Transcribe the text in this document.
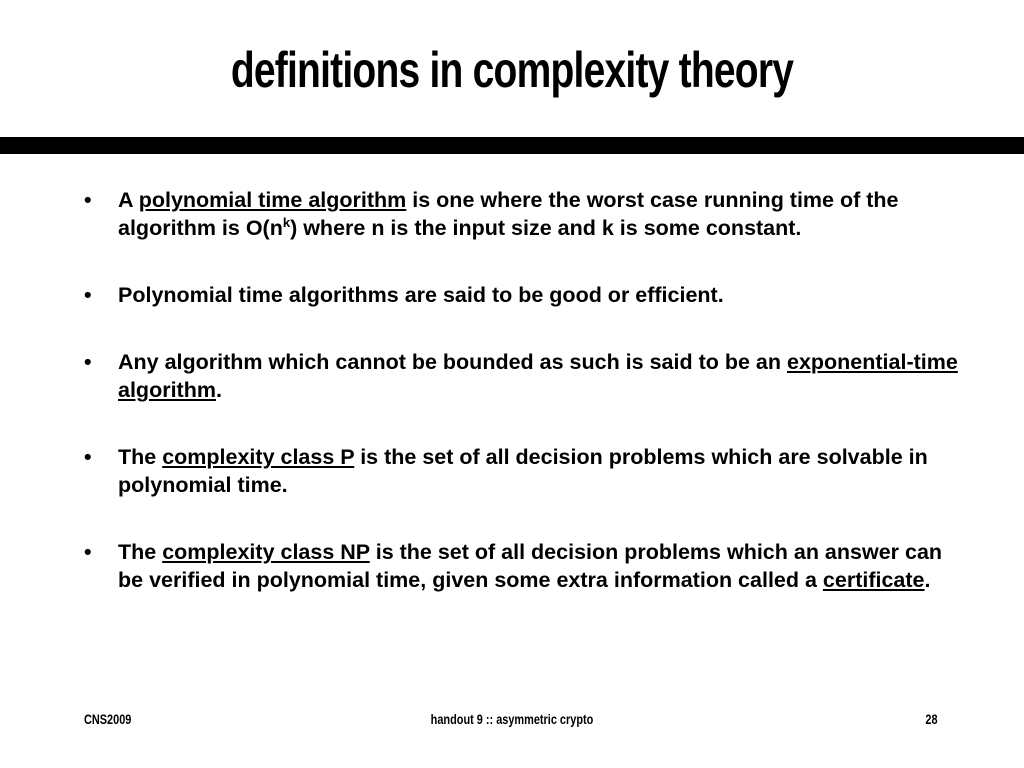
definitions in complexity theory
• A polynomial time algorithm is one where the worst case running time of the algorithm is $O(n^k)$ where n is the input size and k is some constant.
• Polynomial time algorithms are said to be good or efficient.
• Any algorithm which cannot be bounded as such is said to be an exponential-time algorithm.
• The complexity class P is the set of all decision problems which are solvable in polynomial time.
• The complexity class NP is the set of all decision problems which an answer can be verified in polynomial time, given some extra information called a certificate.
CNS2009	handout 9 :: asymmetric crypto	28
